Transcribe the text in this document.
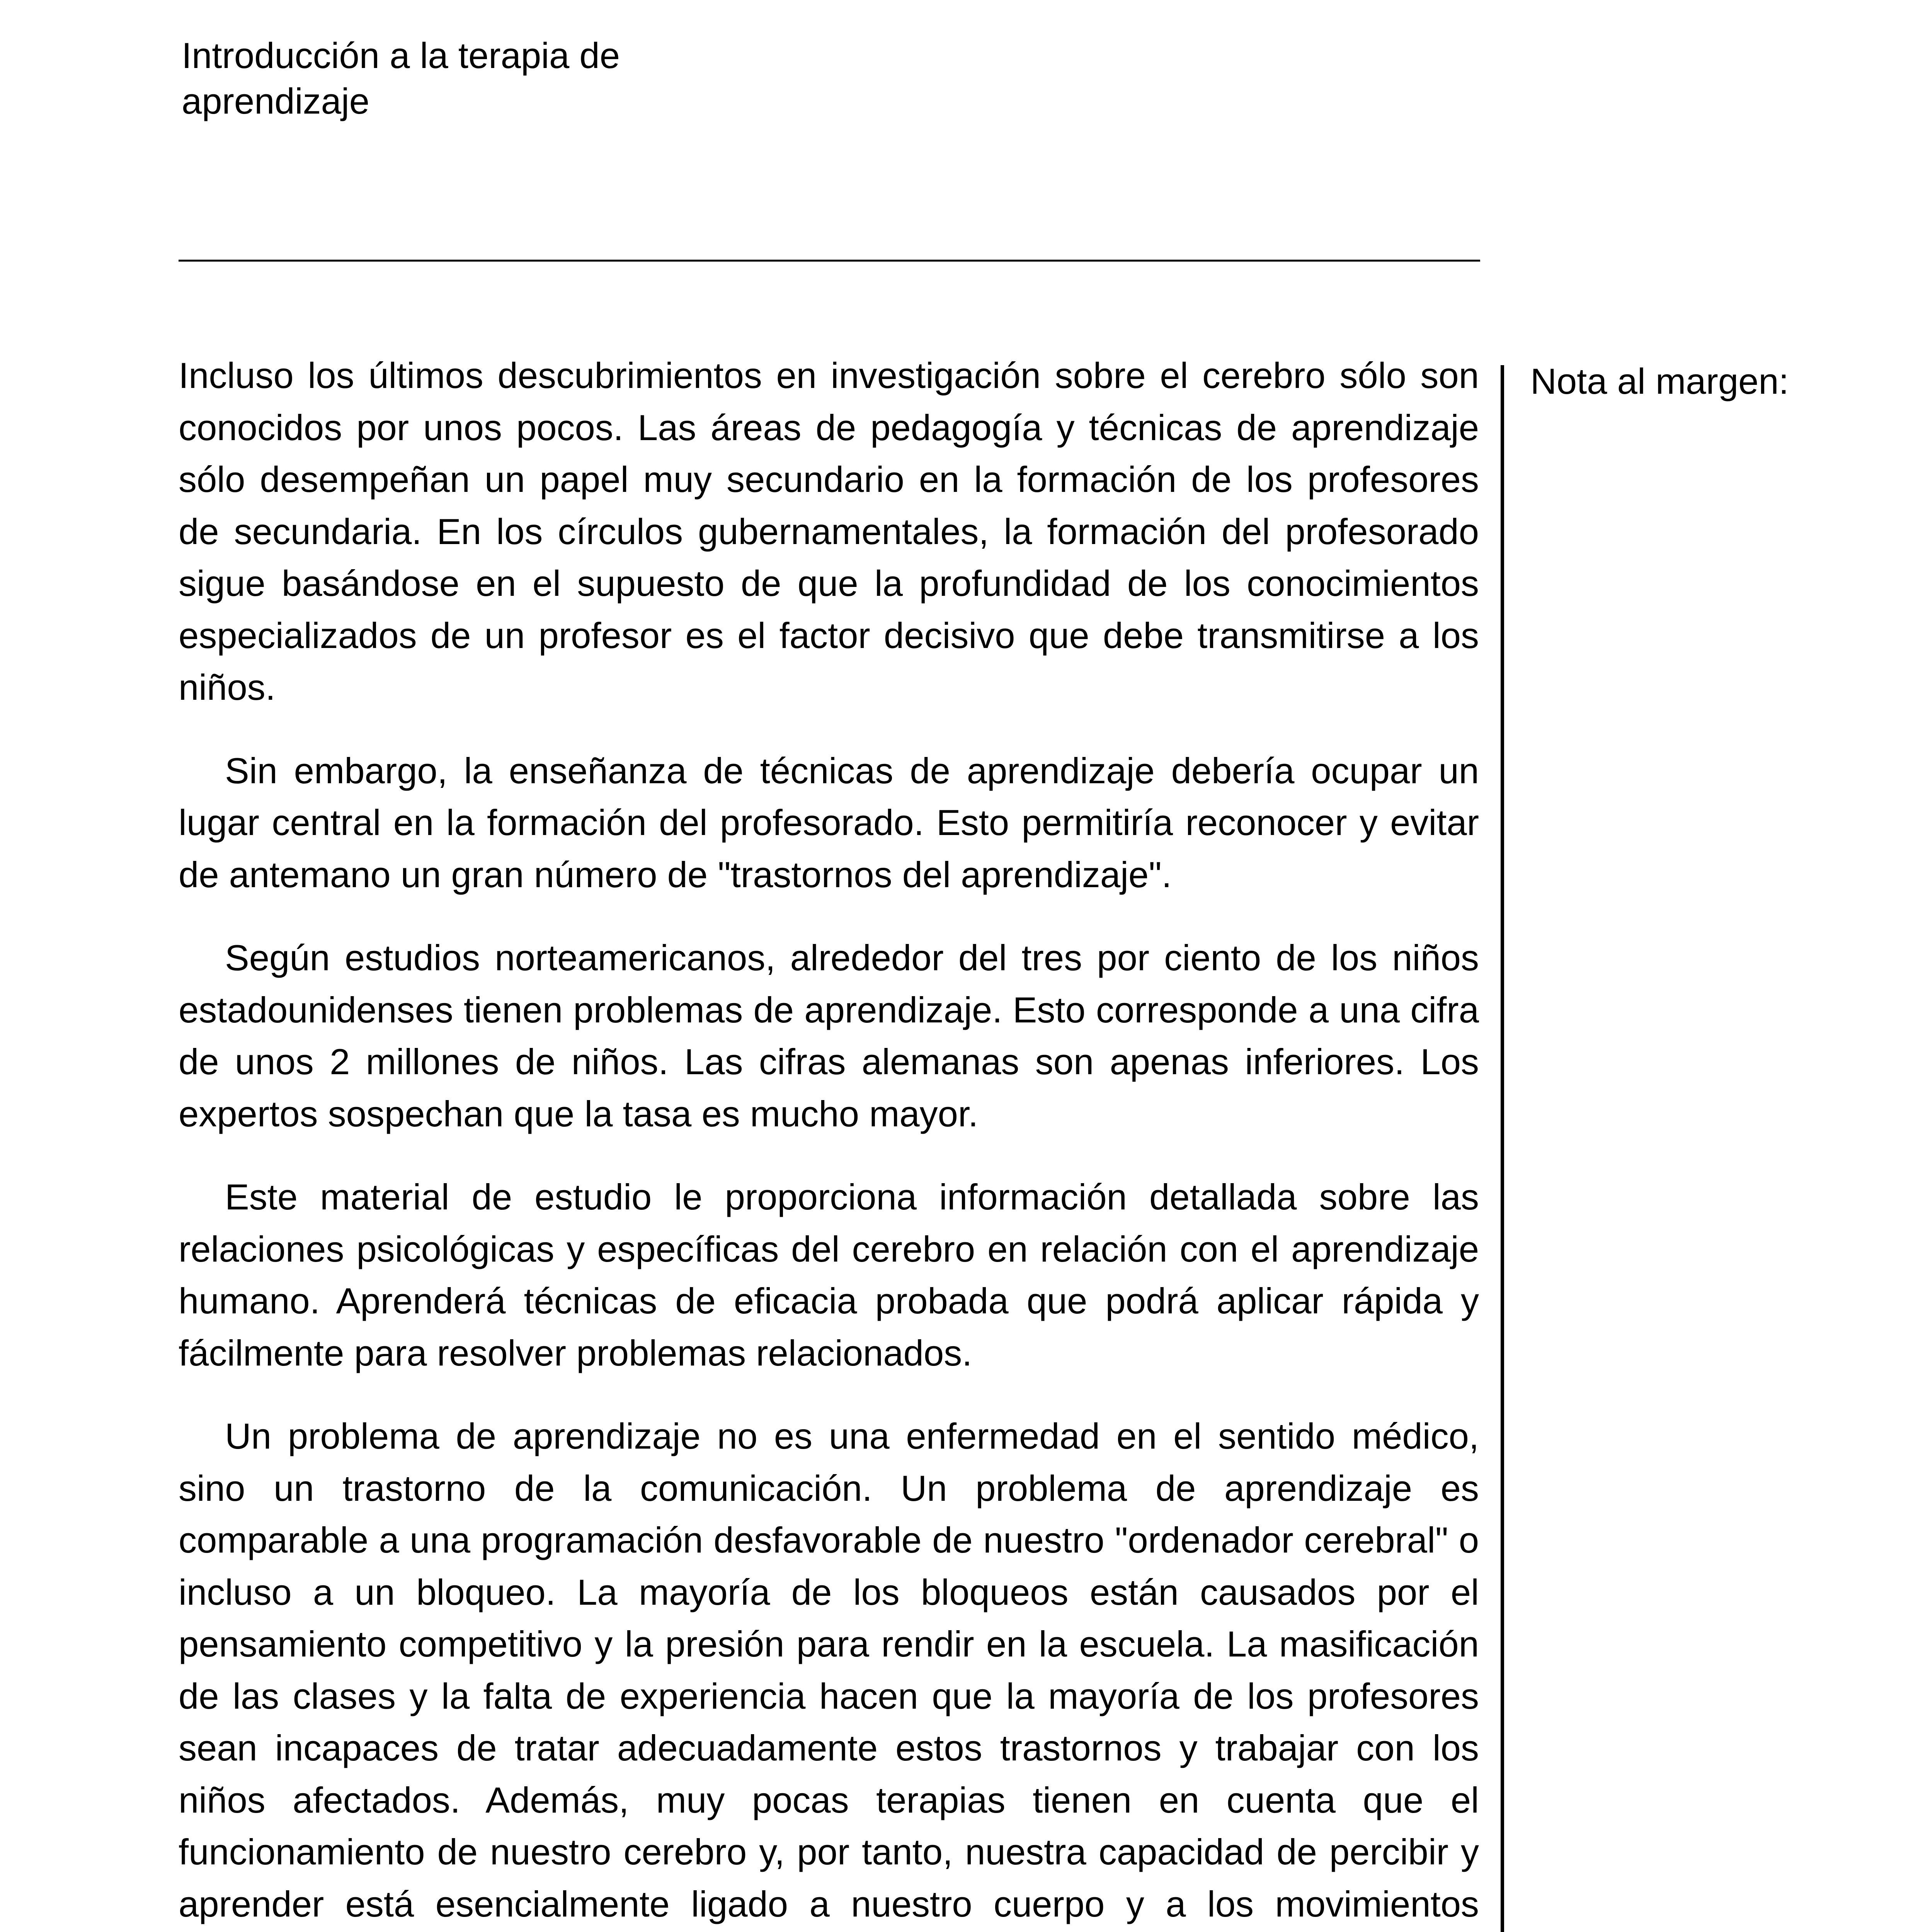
Introducción a la terapia de aprendizaje

Incluso los últimos descubrimientos en investigación sobre el cerebro sólo son conocidos por unos pocos. Las áreas de pedagogía y técnicas de aprendizaje sólo desempeñan un papel muy secundario en la formación de los profesores de secundaria. En los círculos gubernamentales, la formación del profesorado sigue basándose en el supuesto de que la profundidad de los conocimientos especializados de un profesor es el factor decisivo que debe transmitirse a los niños.

Sin embargo, la enseñanza de técnicas de aprendizaje debería ocupar un lugar central en la formación del profesorado. Esto permitiría reconocer y evitar de antemano un gran número de "trastornos del aprendizaje".

Según estudios norteamericanos, alrededor del tres por ciento de los niños estadounidenses tienen problemas de aprendizaje. Esto corresponde a una cifra de unos 2 millones de niños. Las cifras alemanas son apenas inferiores. Los expertos sospechan que la tasa es mucho mayor.

Este material de estudio le proporciona información detallada sobre las relaciones psicológicas y específicas del cerebro en relación con el aprendizaje humano. Aprenderá técnicas de eficacia probada que podrá aplicar rápida y fácilmente para resolver problemas relacionados.

Un problema de aprendizaje no es una enfermedad en el sentido médico, sino un trastorno de la comunicación. Un problema de aprendizaje es comparable a una programación desfavorable de nuestro "ordenador cerebral" o incluso a un bloqueo. La mayoría de los bloqueos están causados por el pensamiento competitivo y la presión para rendir en la escuela. La masificación de las clases y la falta de experiencia hacen que la mayoría de los profesores sean incapaces de tratar adecuadamente estos trastornos y trabajar con los niños afectados. Además, muy pocas terapias tienen en cuenta que el funcionamiento de nuestro cerebro y, por tanto, nuestra capacidad de percibir y aprender está esencialmente ligado a nuestro cuerpo y a los movimientos

Nota al margen:
